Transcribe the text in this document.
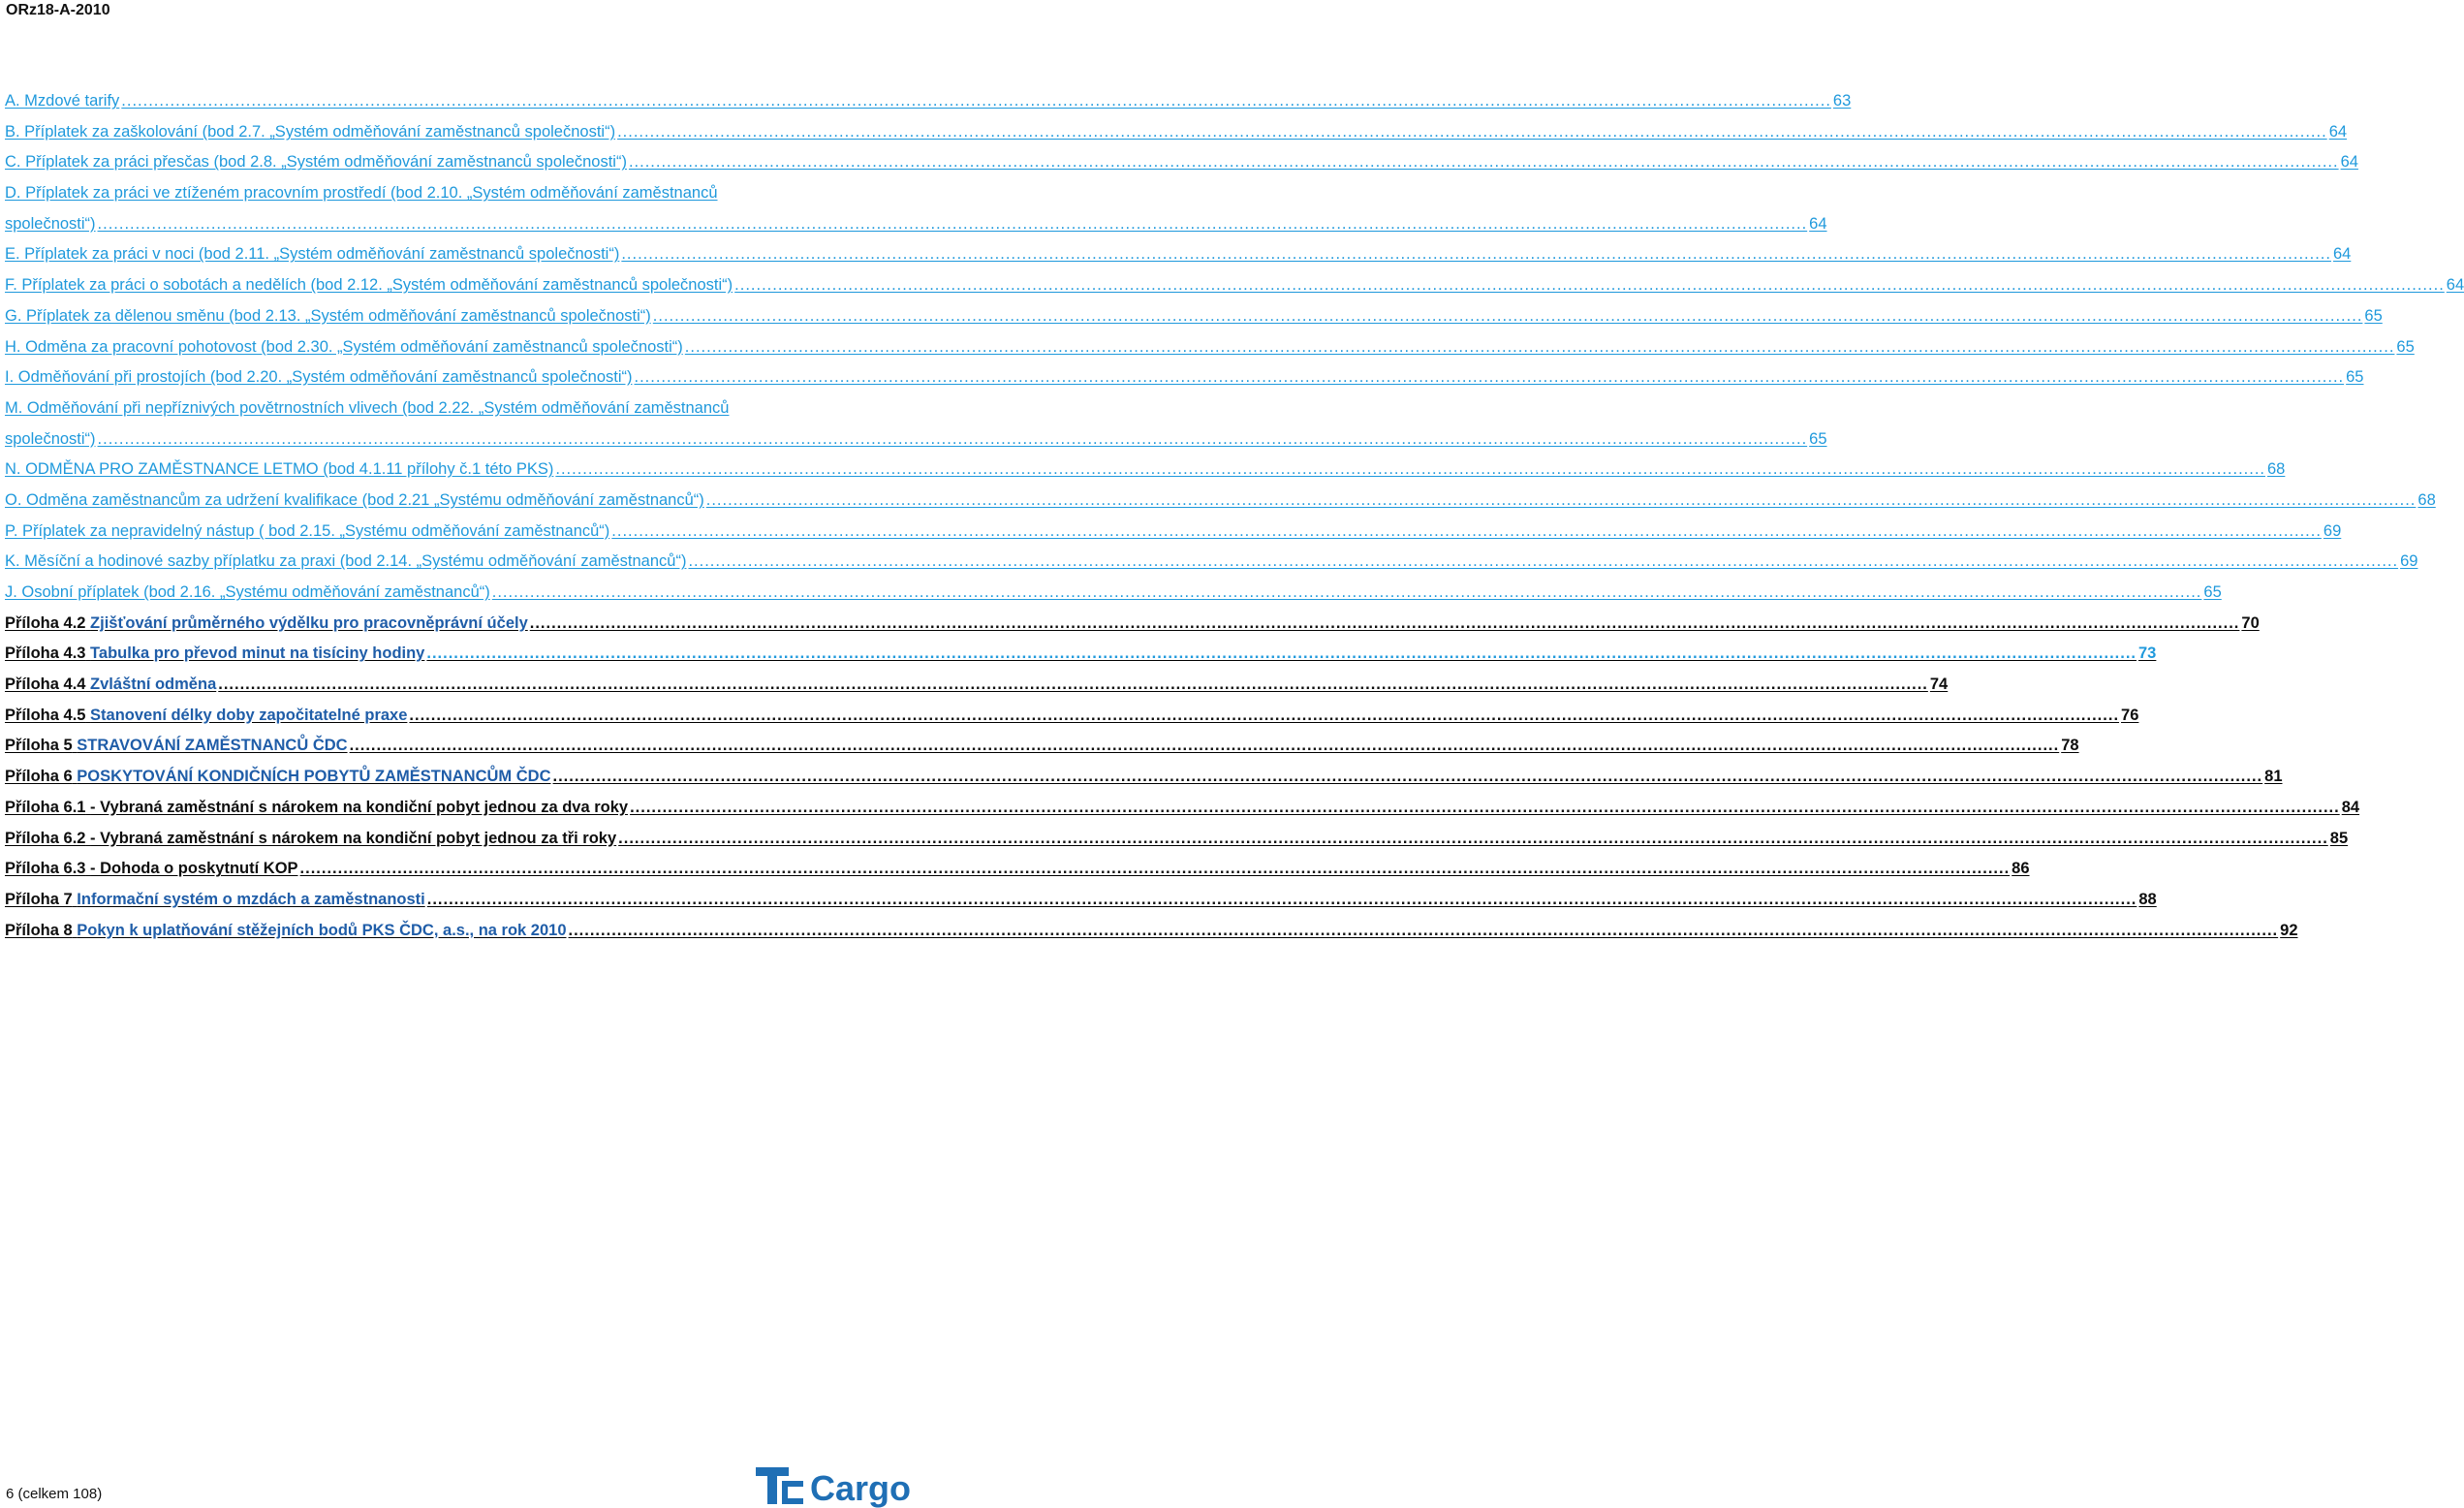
ORz18-A-2010
A. Mzdové tarify .....	63
B. Příplatek za zaškolování (bod 2.7. „Systém odměňování zaměstnanců společnosti“) .....	64
C. Příplatek za práci přesčas (bod 2.8. „Systém odměňování zaměstnanců společnosti“) .....	64
D. Příplatek za práci ve ztíženém pracovním prostředí (bod 2.10. „Systém odměňování zaměstnanců
společnosti“) .....	64
E. Příplatek za práci v noci (bod 2.11. „Systém odměňování zaměstnanců společnosti“) .....	64
F. Příplatek za práci o sobotách a nedělích (bod 2.12. „Systém odměňování zaměstnanců společnosti“) .....	64
G. Příplatek za dělenou směnu (bod 2.13. „Systém odměňování zaměstnanců společnosti“) .....	65
H. Odměna za pracovní pohotovost (bod 2.30. „Systém odměňování zaměstnanců společnosti“) .....	65
I. Odměňování při prostojích (bod 2.20. „Systém odměňování zaměstnanců společnosti“) .....	65
M. Odměňování při nepříznivých povětrnostních vlivech (bod 2.22. „Systém odměňování zaměstnanců
společnosti“) .....	65
N. ODMĚNA PRO ZAMĚSTNANCE LETMO (bod 4.1.11 přílohy č.1 této PKS) .....	68
O. Odměna zaměstnancům za udržení kvalifikace (bod 2.21 „Systému odměňování zaměstnanců“) .....	68
P. Příplatek za nepravidelný nástup ( bod 2.15. „Systému odměňování zaměstnanců“) .....	69
K. Měsíční a hodinové sazby příplatku za praxi (bod 2.14. „Systému odměňování zaměstnanců“) .....	69
J. Osobní příplatek (bod 2.16. „Systému odměňování zaměstnanců“) .....	65
Příloha 4.2 Zjišťování průměrného výdělku pro pracovněprávní účely .....	70
Příloha 4.3 Tabulka pro převod minut na tisíciny hodiny .....	73
Příloha 4.4 Zvláštní odměna .....	74
Příloha 4.5 Stanovení délky doby započitatelné praxe .....	76
Příloha 5 STRAVOVÁNÍ ZAMĚSTNANCŮ ČDC .....	78
Příloha 6 POSKYTOVÁNÍ KONDIČNÍCH POBYTŮ ZAMĚSTNANCŮM ČDC .....	81
Příloha 6.1 - Vybraná zaměstnání s nárokem na kondiční pobyt jednou za dva roky .....	84
Příloha 6.2 - Vybraná zaměstnání s nárokem na kondiční pobyt jednou za tři roky .....	85
Příloha 6.3 - Dohoda o poskytnutí KOP .....	86
Příloha 7 Informační systém o mzdách a zaměstnanosti .....	88
Příloha 8 Pokyn k uplatňování stěžejních bodů PKS ČDC, a.s., na rok 2010 .....	92
6 (celkem 108)	Cargo
